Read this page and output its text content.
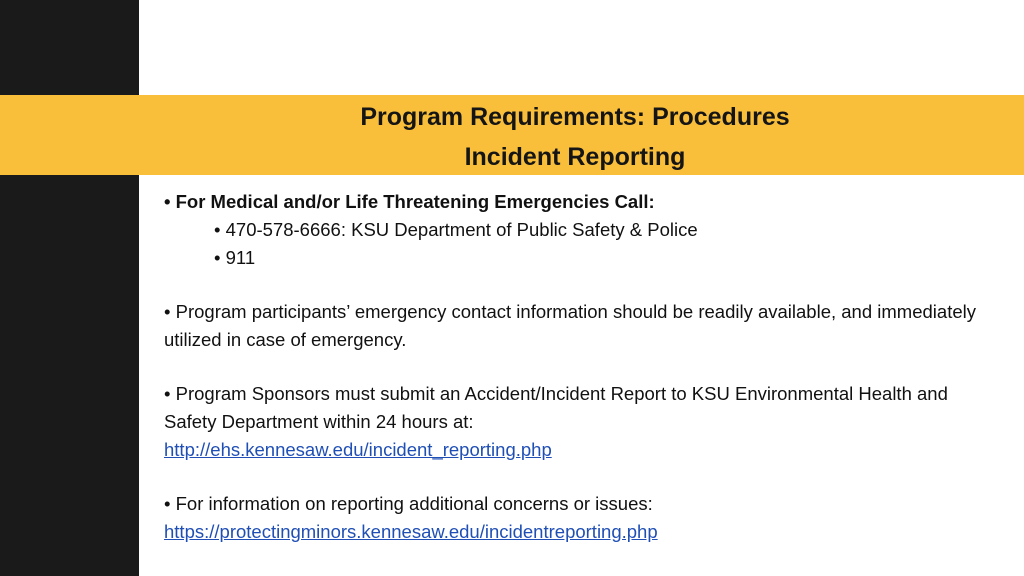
Program Requirements: Procedures
Incident Reporting

• For Medical and/or Life Threatening Emergencies Call:

• 470-578-6666: KSU Department of Public Safety & Police

• 911

• Program participants’ emergency contact information should be readily available, and immediately utilized in case of emergency.

• Program Sponsors must submit an Accident/Incident Report to KSU Environmental Health and Safety Department within 24 hours at:

http://ehs.kennesaw.edu/incident_reporting.php

• For information on reporting additional concerns or issues:

https://protectingminors.kennesaw.edu/incidentreporting.php
